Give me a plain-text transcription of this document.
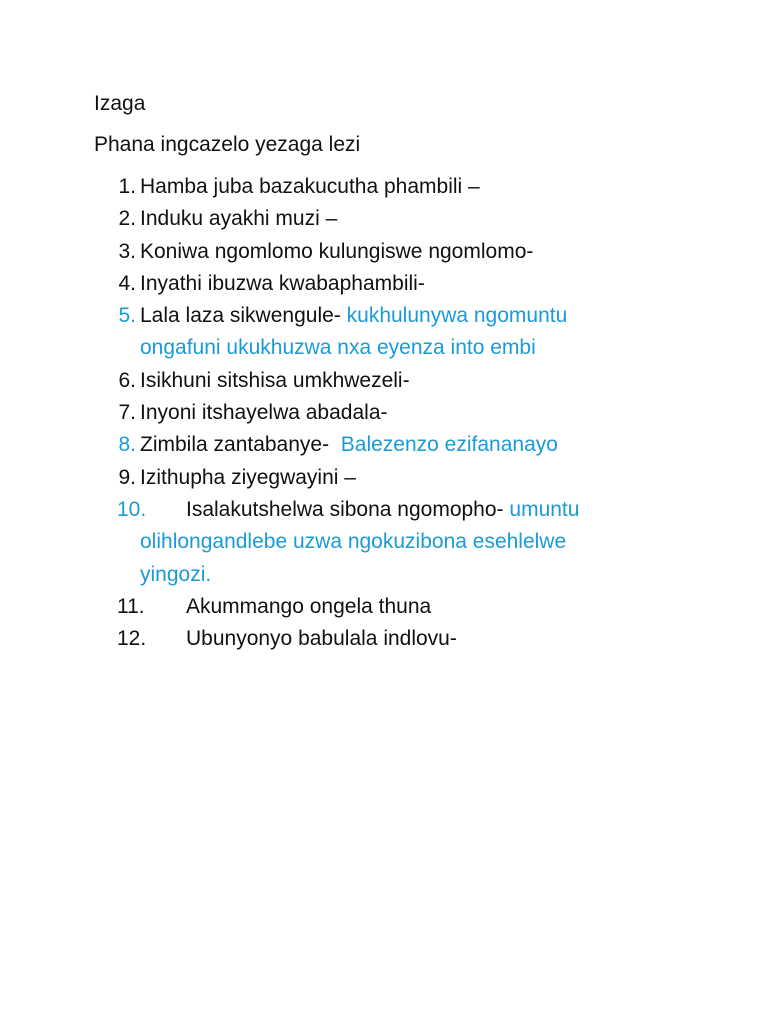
Izaga
Phana ingcazelo yezaga lezi
1. Hamba juba bazakucutha phambili –
2. Induku ayakhi muzi –
3. Koniwa ngomlomo kulungiswe ngomlomo-
4. Inyathi ibuzwa kwabaphambili-
5. Lala laza sikwengule- kukhulunywa ngomuntu
ongafuni ukukhuzwa nxa eyenza into embi
6. Isikhuni sitshisa umkhwezeli-
7. Inyoni itshayelwa abadala-
8. Zimbila zantabanye- Balezenzo ezifananayo
9. Izithupha ziyegwayini –
10. Isalakutshelwa sibona ngomopho- umuntu
olihlongandlebe uzwa ngokuzibona esehlelwe
yingozi.
11. Akummango ongela thuna
12. Ubunyonyo babulala indlovu-
